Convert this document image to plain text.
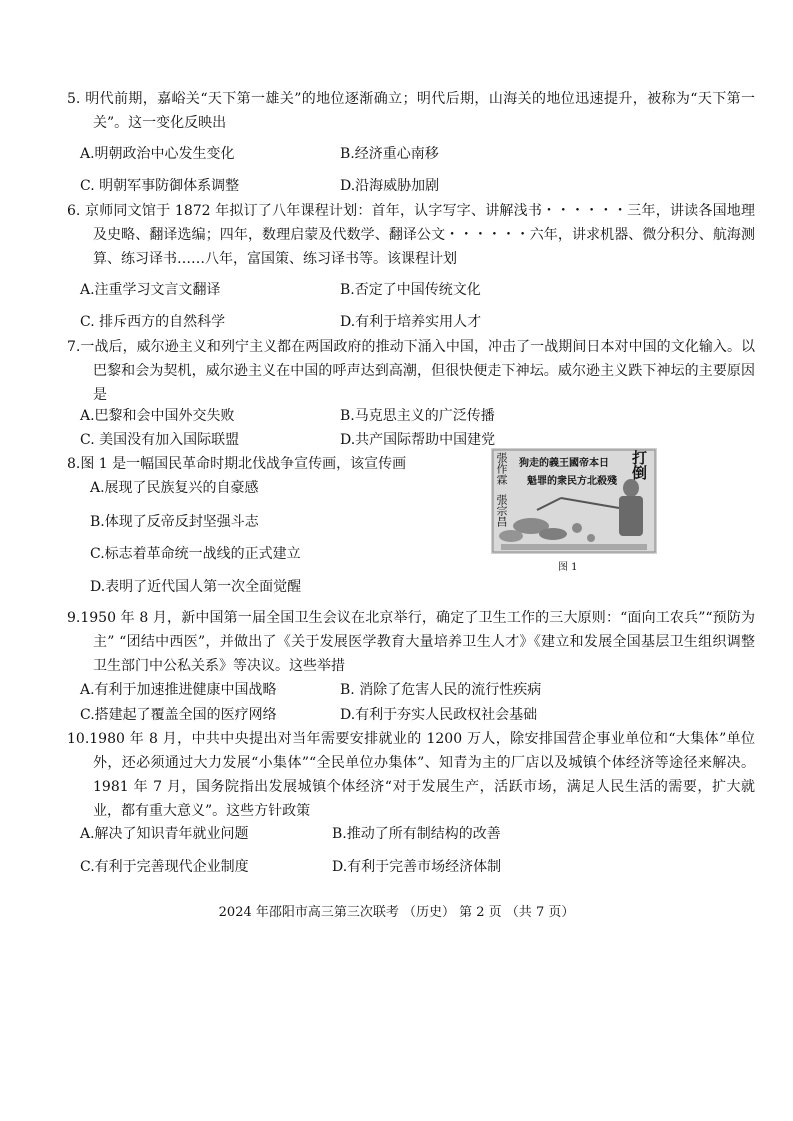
5. 明代前期，嘉峪关“天下第一雄关”的地位逐渐确立；明代后期，山海关的地位迅速提升，被称为“天下第一关”。这一变化反映出
A.明朝政治中心发生变化	B.经济重心南移
C. 明朝军事防御体系调整	D.沿海威胁加剧
6. 京师同文馆于 1872 年拟订了八年课程计划：首年，认字写字、讲解浅书・・・・・・三年，讲读各国地理及史略、翻译选编；四年，数理启蒙及代数学、翻译公文・・・・・・六年，讲求机器、微分积分、航海测算、练习译书……八年，富国策、练习译书等。该课程计划
A.注重学习文言文翻译	B.否定了中国传统文化
C. 排斥西方的自然科学	D.有利于培养实用人才
7.一战后，威尔逊主义和列宁主义都在两国政府的推动下涌入中国，冲击了一战期间日本对中国的文化输入。以巴黎和会为契机，威尔逊主义在中国的呼声达到高潮，但很快便走下神坛。威尔逊主义跌下神坛的主要原因是
A.巴黎和会中国外交失败	B.马克思主义的广泛传播
C. 美国没有加入国际联盟	D.共产国际帮助中国建党
8.图 1 是一幅国民革命时期北伐战争宣传画，该宣传画
A.展现了民族复兴的自豪感
B.体现了反帝反封坚强斗志
C.标志着革命统一战线的正式建立
D.表明了近代国人第一次全面觉醒
打倒
張作霖
張宗昌
狗走的義王國帝本日
魁罪的衆民方北殺殘
图 1
9.1950 年 8 月，新中国第一届全国卫生会议在北京举行，确定了卫生工作的三大原则：“面向工农兵”“预防为主” “团结中西医”，并做出了《关于发展医学教育大量培养卫生人才》《建立和发展全国基层卫生组织调整卫生部门中公私关系》等决议。这些举措
A.有利于加速推进健康中国战略	B. 消除了危害人民的流行性疾病
C.搭建起了覆盖全国的医疗网络	D.有利于夯实人民政权社会基础
10.1980 年 8 月，中共中央提出对当年需要安排就业的 1200 万人，除安排国营企事业单位和“大集体”单位外，还必须通过大力发展“小集体”“全民单位办集体”、知青为主的厂店以及城镇个体经济等途径来解决。1981 年 7 月，国务院指出发展城镇个体经济“对于发展生产，活跃市场，满足人民生活的需要，扩大就业，都有重大意义”。这些方针政策
A.解决了知识青年就业问题	B.推动了所有制结构的改善
C.有利于完善现代企业制度	D.有利于完善市场经济体制
2024 年邵阳市高三第三次联考 （历史） 第 2 页 （共 7 页）
